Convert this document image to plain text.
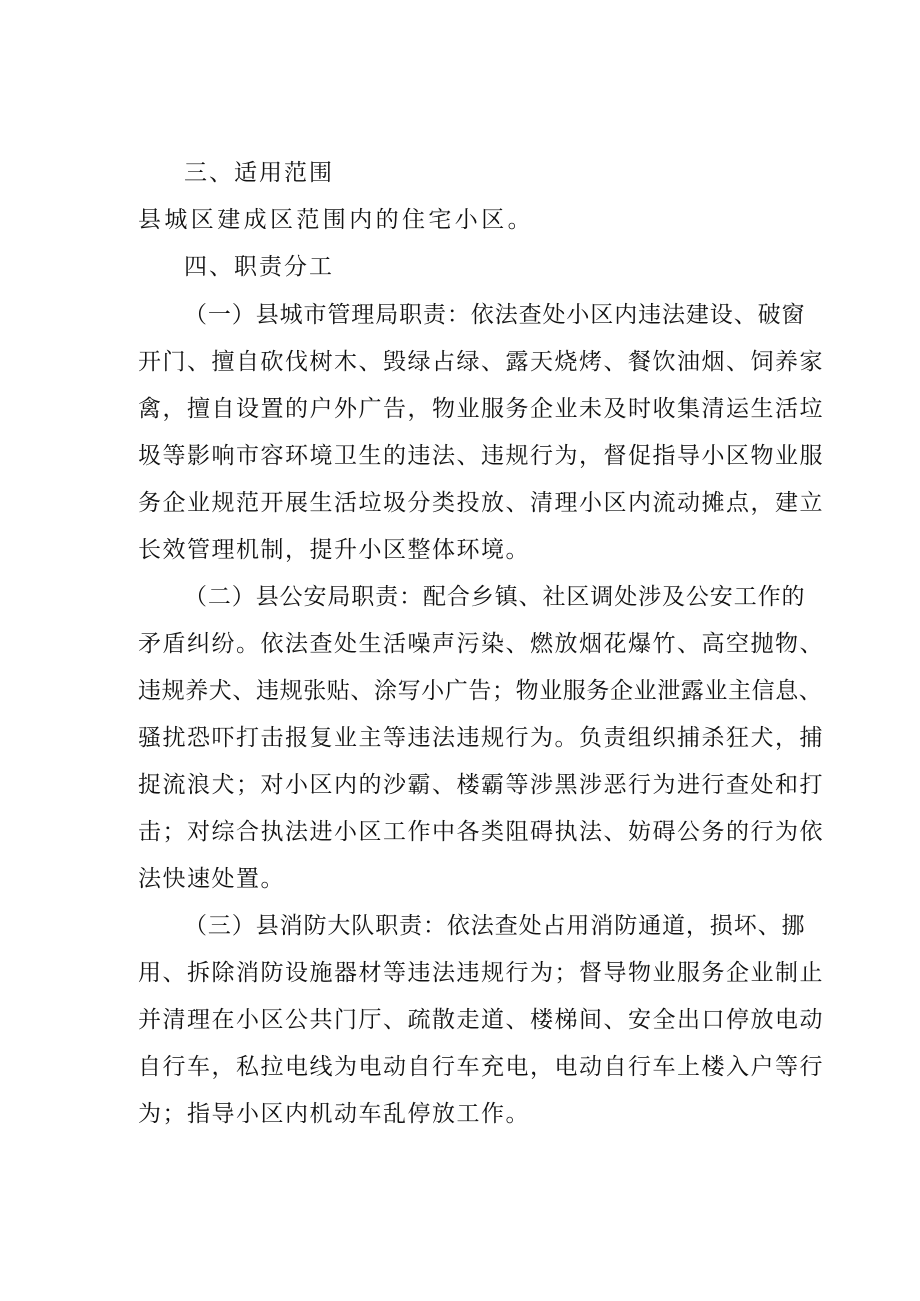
三、适用范围

县城区建成区范围内的住宅小区。

四、职责分工

（一）县城市管理局职责：依法查处小区内违法建设、破窗

开门、擅自砍伐树木、毁绿占绿、露天烧烤、餐饮油烟、饲养家

禽，擅自设置的户外广告，物业服务企业未及时收集清运生活垃

圾等影响市容环境卫生的违法、违规行为，督促指导小区物业服

务企业规范开展生活垃圾分类投放、清理小区内流动摊点，建立

长效管理机制，提升小区整体环境。

（二）县公安局职责：配合乡镇、社区调处涉及公安工作的

矛盾纠纷。依法查处生活噪声污染、燃放烟花爆竹、高空抛物、

违规养犬、违规张贴、涂写小广告；物业服务企业泄露业主信息、

骚扰恐吓打击报复业主等违法违规行为。负责组织捕杀狂犬，捕

捉流浪犬；对小区内的沙霸、楼霸等涉黑涉恶行为进行查处和打

击；对综合执法进小区工作中各类阻碍执法、妨碍公务的行为依

法快速处置。

（三）县消防大队职责：依法查处占用消防通道，损坏、挪

用、拆除消防设施器材等违法违规行为；督导物业服务企业制止

并清理在小区公共门厅、疏散走道、楼梯间、安全出口停放电动

自行车，私拉电线为电动自行车充电，电动自行车上楼入户等行

为；指导小区内机动车乱停放工作。
